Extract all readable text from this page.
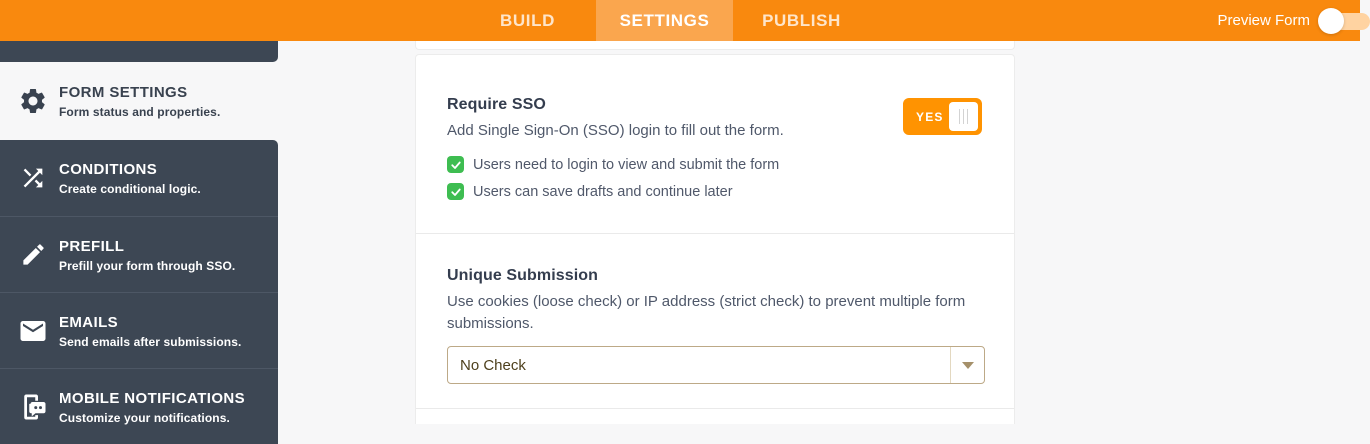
BUILD	SETTINGS	PUBLISH	Preview Form
FORM SETTINGS
Form status and properties.
CONDITIONS
Create conditional logic.
PREFILL
Prefill your form through SSO.
EMAILS
Send emails after submissions.
MOBILE NOTIFICATIONS
Customize your notifications.
Require SSO
Add Single Sign-On (SSO) login to fill out the form.
YES
Users need to login to view and submit the form
Users can save drafts and continue later
Unique Submission
Use cookies (loose check) or IP address (strict check) to prevent multiple form submissions.
No Check
